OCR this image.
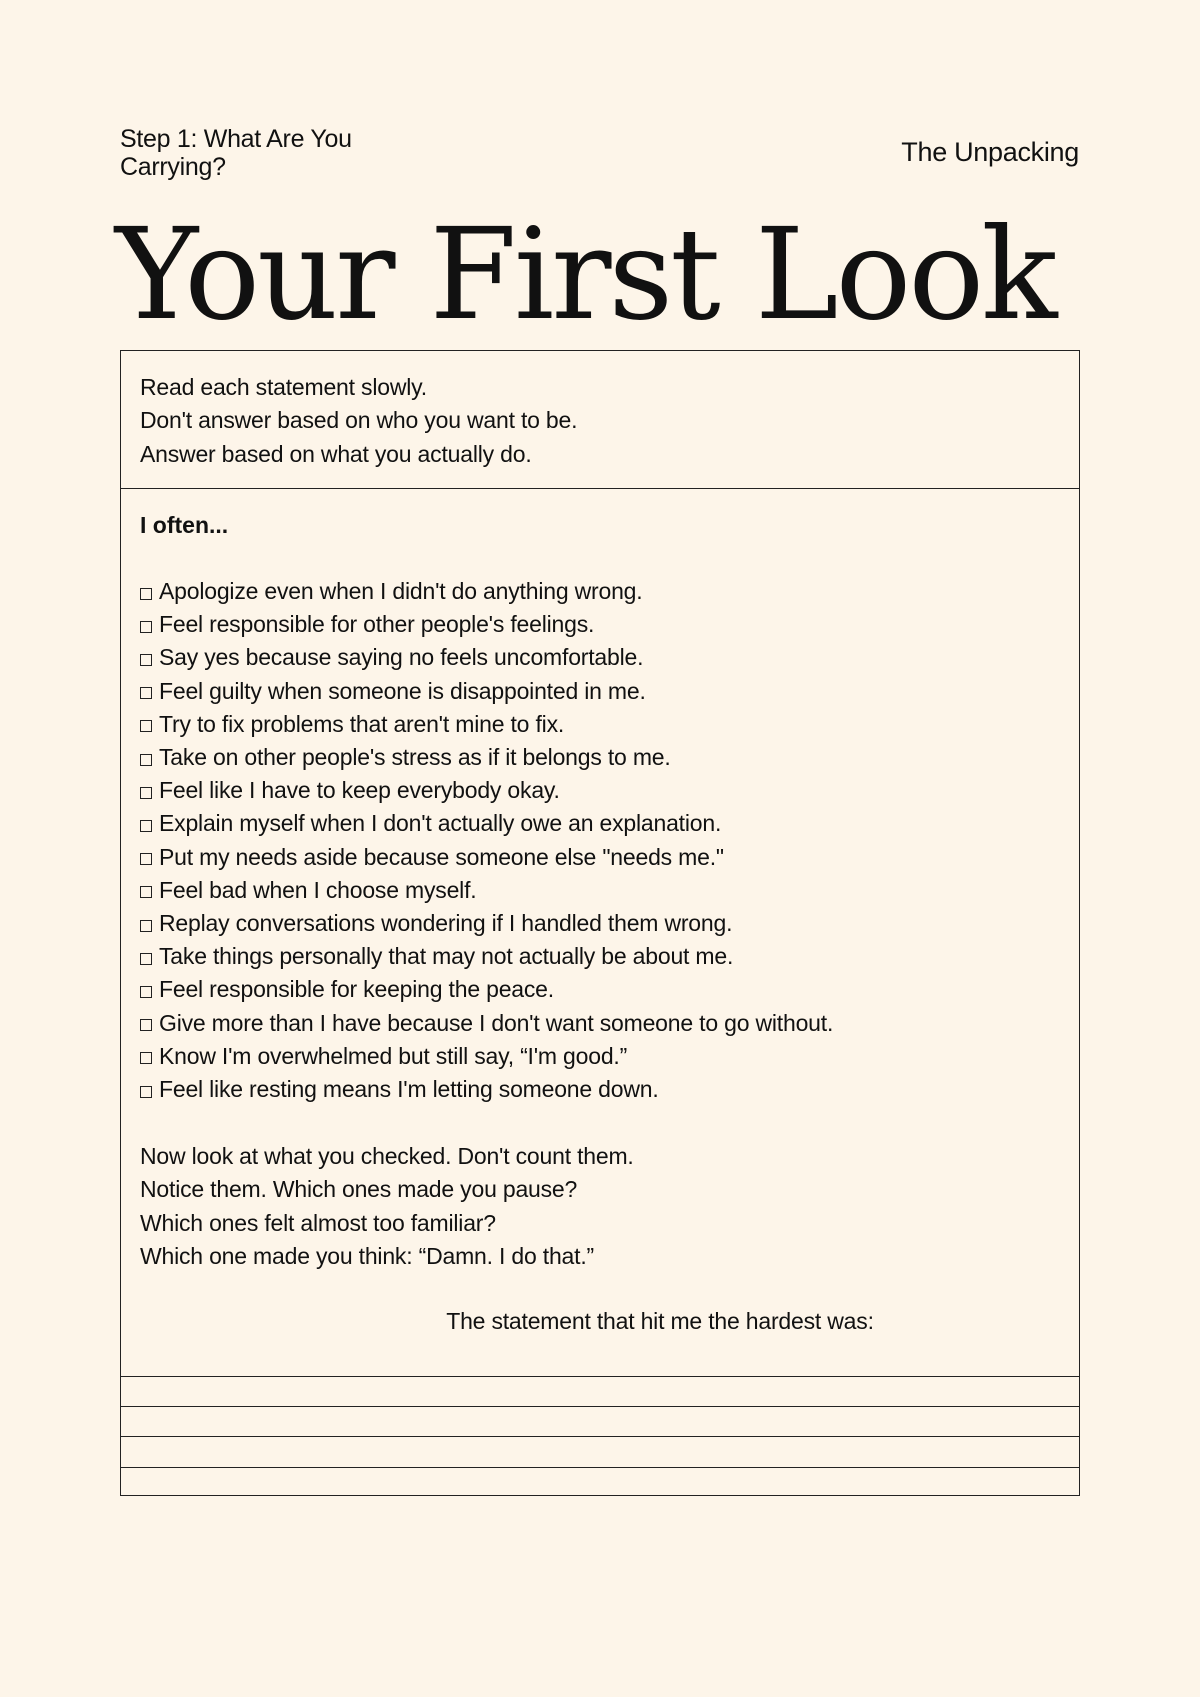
Step 1: What Are You
Carrying?	The Unpacking
Your First Look
Read each statement slowly.
Don't answer based on who you want to be.
Answer based on what you actually do.
I often...
Apologize even when I didn't do anything wrong.
Feel responsible for other people's feelings.
Say yes because saying no feels uncomfortable.
Feel guilty when someone is disappointed in me.
Try to fix problems that aren't mine to fix.
Take on other people's stress as if it belongs to me.
Feel like I have to keep everybody okay.
Explain myself when I don't actually owe an explanation.
Put my needs aside because someone else "needs me."
Feel bad when I choose myself.
Replay conversations wondering if I handled them wrong.
Take things personally that may not actually be about me.
Feel responsible for keeping the peace.
Give more than I have because I don't want someone to go without.
Know I'm overwhelmed but still say, “I'm good.”
Feel like resting means I'm letting someone down.
Now look at what you checked. Don't count them.
Notice them. Which ones made you pause?
Which ones felt almost too familiar?
Which one made you think: “Damn. I do that.”
The statement that hit me the hardest was:
